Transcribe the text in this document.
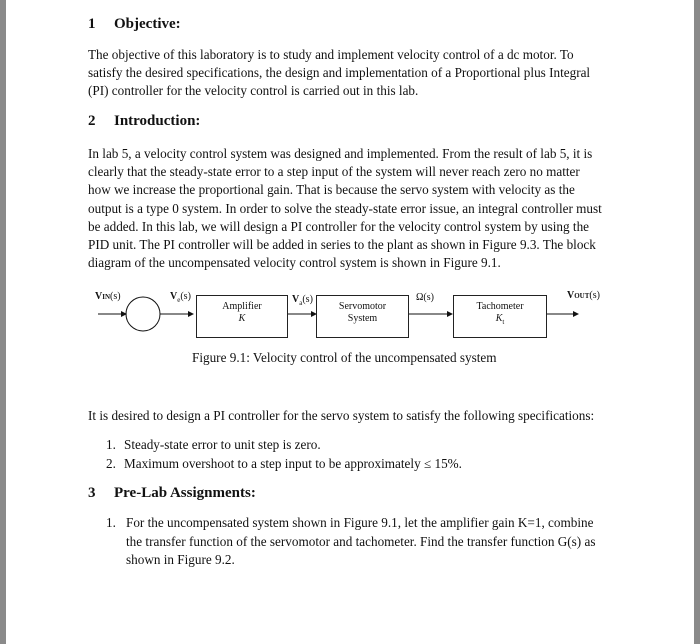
1 Objective:
The objective of this laboratory is to study and implement velocity control of a dc motor. To
satisfy the desired specifications, the design and implementation of a Proportional plus Integral
(PI) controller for the velocity control is carried out in this lab.
2 Introduction:
In lab 5, a velocity control system was designed and implemented. From the result of lab 5, it is
clearly that the steady-state error to a step input of the system will never reach zero no matter
how we increase the proportional gain. That is because the servo system with velocity as the
output is a type 0 system. In order to solve the steady-state error issue, an integral controller must
be added. In this lab, we will design a PI controller for the velocity control system by using the
PID unit. The PI controller will be added in series to the plant as shown in Figure 9.3. The block
diagram of the uncompensated velocity control system is shown in Figure 9.1.
VIN(s)	$V_e(s)$	$V_a(s)$	Ω(s)	VOUT(s)
Amplifier
K
Servomotor
System
Tachometer
$K_t$
Figure 9.1: Velocity control of the uncompensated system
It is desired to design a PI controller for the servo system to satisfy the following specifications:
1. Steady-state error to unit step is zero.
2. Maximum overshoot to a step input to be approximately ≤ 15%.
3 Pre-Lab Assignments:
1. For the uncompensated system shown in Figure 9.1, let the amplifier gain K=1, combine
the transfer function of the servomotor and tachometer. Find the transfer function G(s) as
shown in Figure 9.2.
